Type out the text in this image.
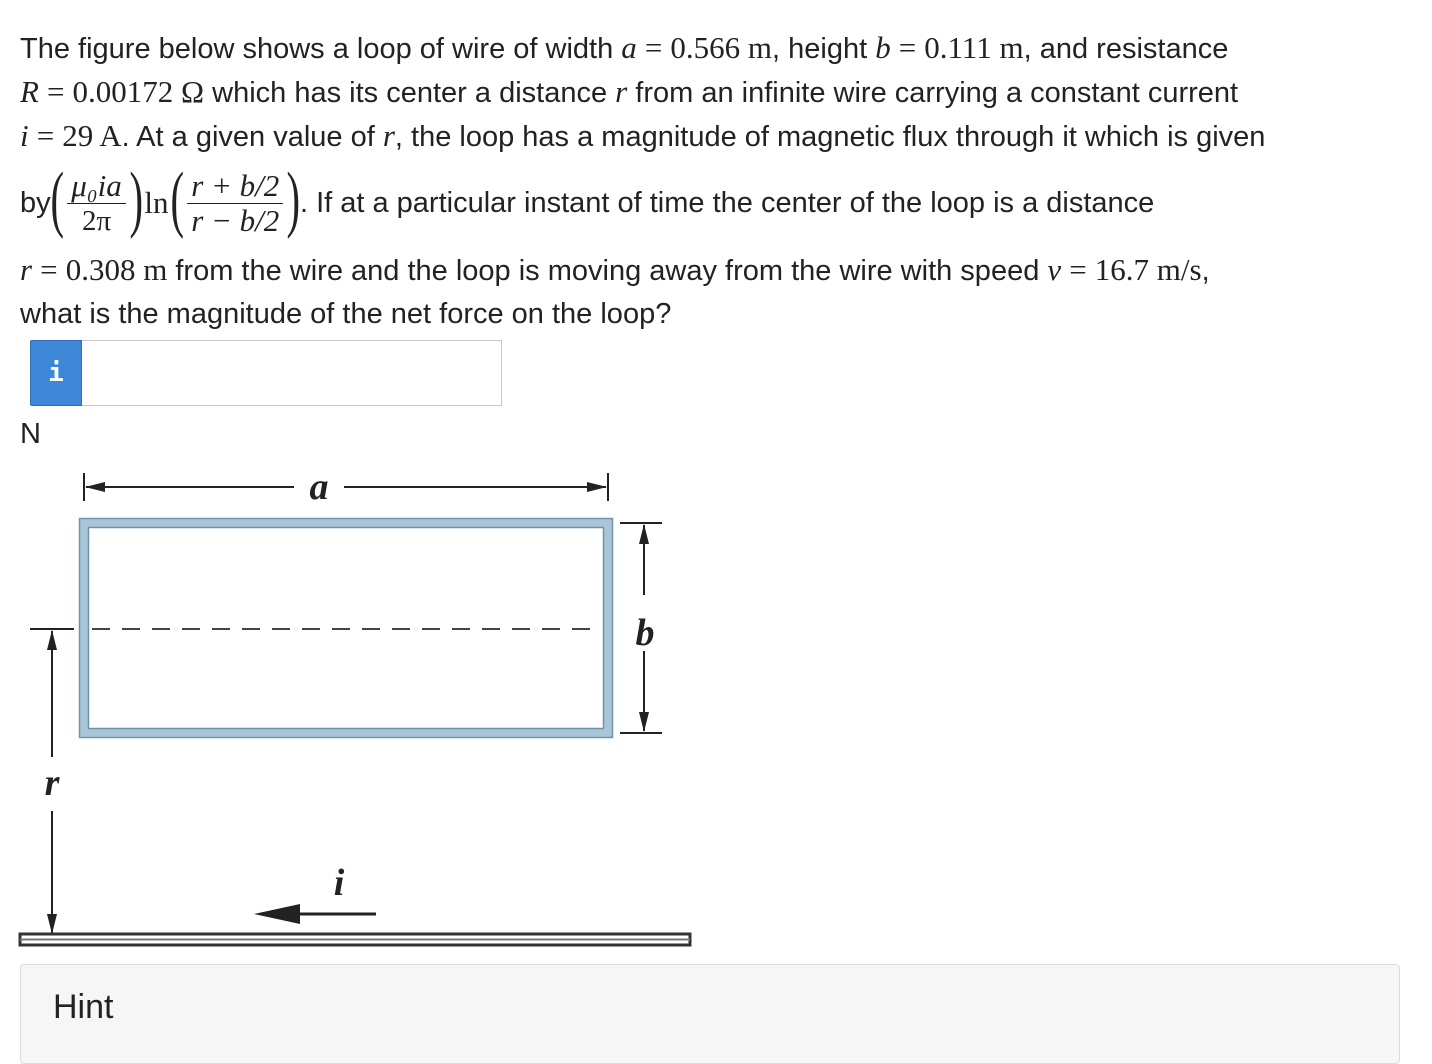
The figure below shows a loop of wire of width a = 0.566 m, height b = 0.111 m, and resistance
R = 0.00172 Ω which has its center a distance r from an infinite wire carrying a constant current
i = 29 A. At a given value of r, the loop has a magnitude of magnetic flux through it which is given
by ( $\frac{\text{μ₀ia}}{2\pi}$ ) ln ( $\frac{r + b/2}{r - b/2}$ ) . If at a particular instant of time the center of the loop is a distance
r = 0.308 m from the wire and the loop is moving away from the wire with speed v = 16.7 m/s,
what is the magnitude of the net force on the loop?
i
N
a
b
r
i
Hint
